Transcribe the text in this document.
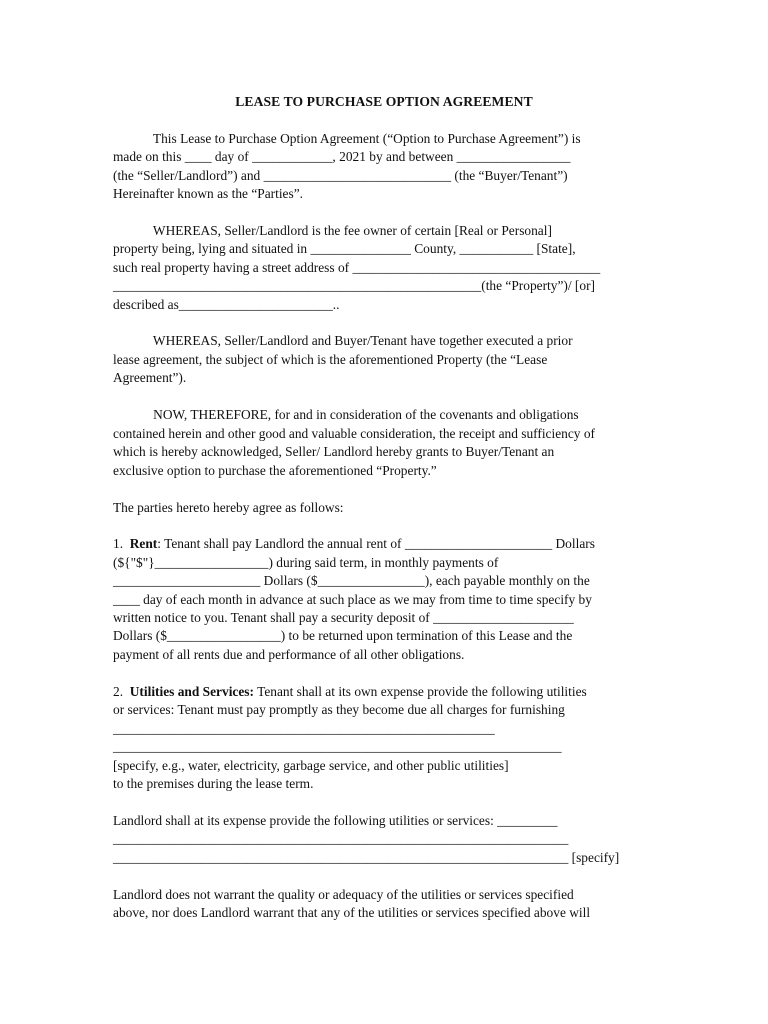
LEASE TO PURCHASE OPTION AGREEMENT
This Lease to Purchase Option Agreement (“Option to Purchase Agreement”) is
made on this ____ day of ____________, 2021 by and between _________________
(the “Seller/Landlord”) and ____________________________ (the “Buyer/Tenant”)
Hereinafter known as the “Parties”.
WHEREAS, Seller/Landlord is the fee owner of certain [Real or Personal]
property being, lying and situated in _______________ County, ___________ [State],
such real property having a street address of _____________________________________
_______________________________________________________(the “Property”)/ [or]
described as_______________________..
WHEREAS, Seller/Landlord and Buyer/Tenant have together executed a prior
lease agreement, the subject of which is the aforementioned Property (the “Lease
Agreement”).
NOW, THEREFORE, for and in consideration of the covenants and obligations
contained herein and other good and valuable consideration, the receipt and sufficiency of
which is hereby acknowledged, Seller/ Landlord hereby grants to Buyer/Tenant an
exclusive option to purchase the aforementioned “Property.”
The parties hereto hereby agree as follows:
1.  Rent: Tenant shall pay Landlord the annual rent of ______________________ Dollars
(${"$"}_________________) during said term, in monthly payments of
______________________ Dollars ($________________), each payable monthly on the
____ day of each month in advance at such place as we may from time to time specify by
written notice to you. Tenant shall pay a security deposit of _____________________
Dollars ($_________________) to be returned upon termination of this Lease and the
payment of all rents due and performance of all other obligations.
2.  Utilities and Services: Tenant shall at its own expense provide the following utilities
or services: Tenant must pay promptly as they become due all charges for furnishing
_________________________________________________________
___________________________________________________________________
[specify, e.g., water, electricity, garbage service, and other public utilities]
to the premises during the lease term.
Landlord shall at its expense provide the following utilities or services: _________
____________________________________________________________________
____________________________________________________________________ [specify]
Landlord does not warrant the quality or adequacy of the utilities or services specified
above, nor does Landlord warrant that any of the utilities or services specified above will
